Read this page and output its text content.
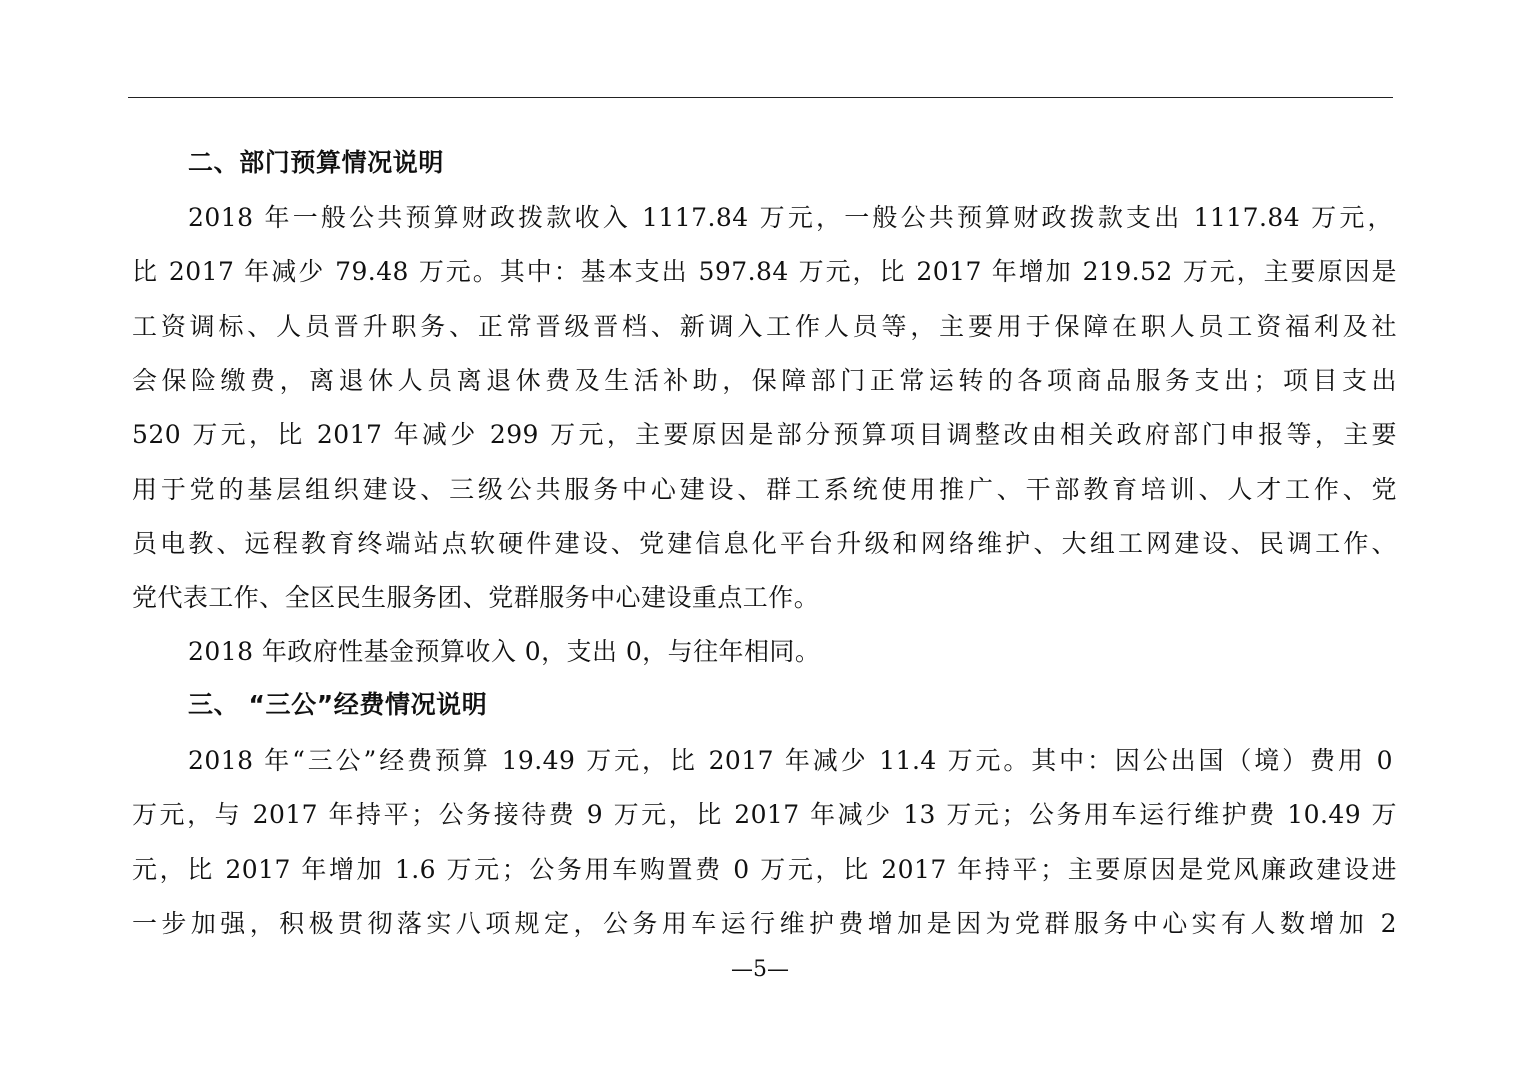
二、部门预算情况说明
2018 年一般公共预算财政拨款收入 1117.84 万元，一般公共预算财政拨款支出 1117.84 万元，
比 2017 年减少 79.48 万元。其中：基本支出 597.84 万元，比 2017 年增加 219.52 万元，主要原因是
工资调标、人员晋升职务、正常晋级晋档、新调入工作人员等，主要用于保障在职人员工资福利及社
会保险缴费，离退休人员离退休费及生活补助，保障部门正常运转的各项商品服务支出；项目支出
520 万元，比 2017 年减少 299 万元，主要原因是部分预算项目调整改由相关政府部门申报等，主要
用于党的基层组织建设、三级公共服务中心建设、群工系统使用推广、干部教育培训、人才工作、党
员电教、远程教育终端站点软硬件建设、党建信息化平台升级和网络维护、大组工网建设、民调工作、
党代表工作、全区民生服务团、党群服务中心建设重点工作。
2018 年政府性基金预算收入 0，支出 0，与往年相同。
三、 “三公”经费情况说明
2018 年“三公”经费预算 19.49 万元，比 2017 年减少 11.4 万元。其中：因公出国（境）费用 0
万元，与 2017 年持平；公务接待费 9 万元，比 2017 年减少 13 万元；公务用车运行维护费 10.49 万
元，比 2017 年增加 1.6 万元；公务用车购置费 0 万元，比 2017 年持平；主要原因是党风廉政建设进
一步加强，积极贯彻落实八项规定，公务用车运行维护费增加是因为党群服务中心实有人数增加 2
—5—
